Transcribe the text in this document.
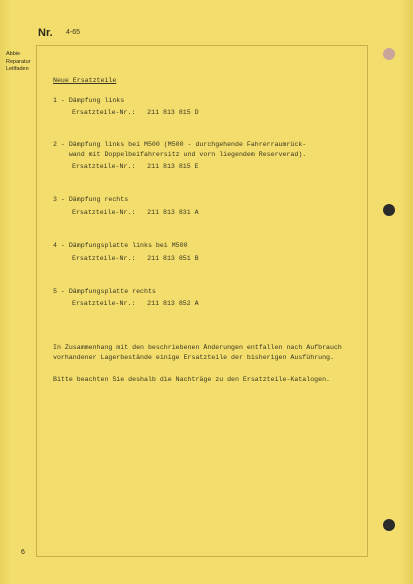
Nr. 4-65
Abbie
Reparatur
Leitfaden
Neue Ersatzteile
1 - Dämpfung links
Ersatzteile-Nr.:   211 813 815 D
2 - Dämpfung links bei M500 (M500 - durchgehende Fahrerraumrück-
wand mit Doppelbeifahrersitz und vorn liegendem Reserverad).
Ersatzteile-Nr.:   211 813 815 E
3 - Dämpfung rechts
Ersatzteile-Nr.:   211 813 831 A
4 - Dämpfungsplatte links bei M500
Ersatzteile-Nr.:   211 813 851 B
5 - Dämpfungsplatte rechts
Ersatzteile-Nr.:   211 813 852 A
In Zusammenhang mit den beschriebenen Änderungen entfallen nach Aufbrauch vorhandener Lagerbestände einige Ersatzteile der bisherigen Ausführung.
Bitte beachten Sie deshalb die Nachträge zu den Ersatzteile-Katalogen.
6
